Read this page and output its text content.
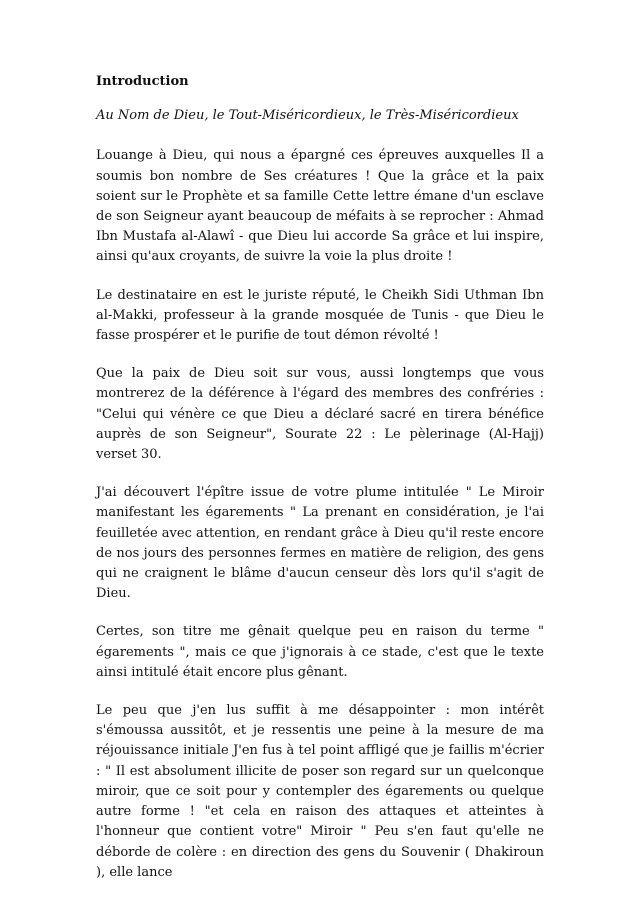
Introduction

Au Nom de Dieu, le Tout-Miséricordieux, le Très-Miséricordieux

Louange à Dieu, qui nous a épargné ces épreuves auxquelles Il a soumis bon nombre de Ses créatures ! Que la grâce et la paix soient sur le Prophète et sa famille Cette lettre émane d'un esclave de son Seigneur ayant beaucoup de méfaits à se reprocher : Ahmad Ibn Mustafa al-Alawî - que Dieu lui accorde Sa grâce et lui inspire, ainsi qu'aux croyants, de suivre la voie la plus droite !

Le destinataire en est le juriste réputé, le Cheikh Sidi Uthman Ibn al-Makki, professeur à la grande mosquée de Tunis - que Dieu le fasse prospérer et le purifie de tout démon révolté !

Que la paix de Dieu soit sur vous, aussi longtemps que vous montrerez de la déférence à l'égard des membres des confréries : "Celui qui vénère ce que Dieu a déclaré sacré en tirera bénéfice auprès de son Seigneur", Sourate 22 : Le pèlerinage (Al-Hajj) verset 30.

J'ai découvert l'épître issue de votre plume intitulée " Le Miroir manifestant les égarements " La prenant en considération, je l'ai feuilletée avec attention, en rendant grâce à Dieu qu'il reste encore de nos jours des personnes fermes en matière de religion, des gens qui ne craignent le blâme d'aucun censeur dès lors qu'il s'agit de Dieu.

Certes, son titre me gênait quelque peu en raison du terme " égarements ", mais ce que j'ignorais à ce stade, c'est que le texte ainsi intitulé était encore plus gênant.

Le peu que j'en lus suffit à me désappointer : mon intérêt s'émoussa aussitôt, et je ressentis une peine à la mesure de ma réjouissance initiale J'en fus à tel point affligé que je faillis m'écrier : " Il est absolument illicite de poser son regard sur un quelconque miroir, que ce soit pour y contempler des égarements ou quelque autre forme ! "et cela en raison des attaques et atteintes à l'honneur que contient votre" Miroir " Peu s'en faut qu'elle ne déborde de colère : en direction des gens du Souvenir ( Dhakiroun ), elle lance
